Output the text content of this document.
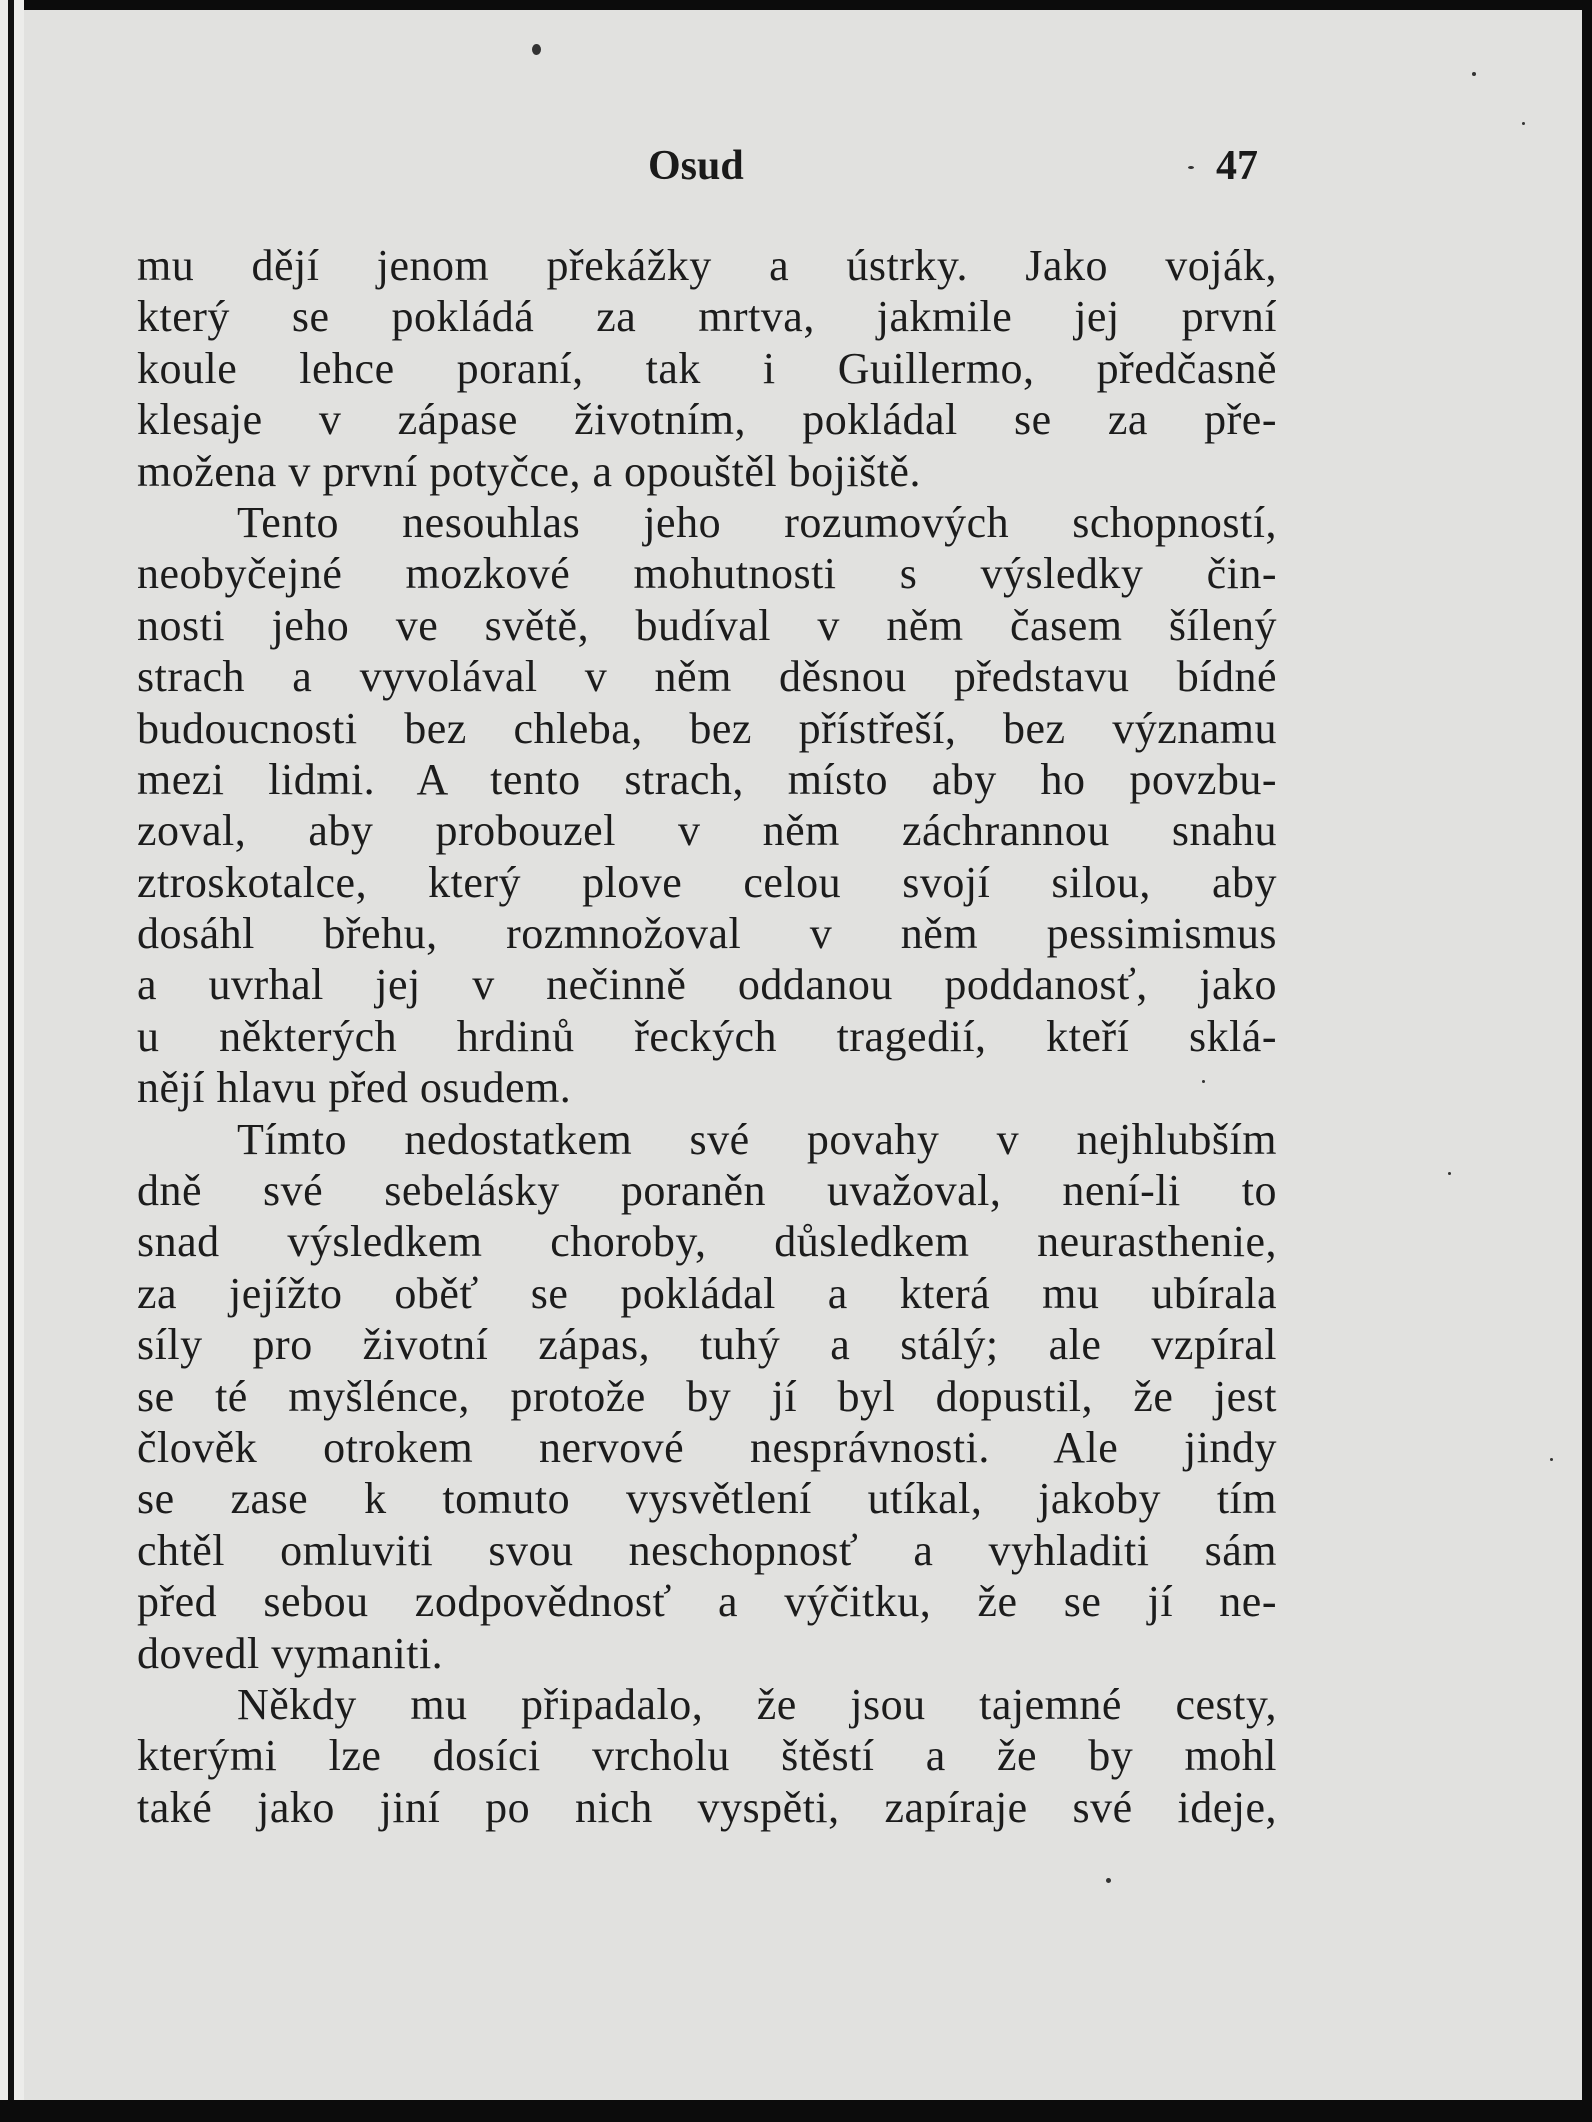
Osud	47
mu dějí jenom překážky a ústrky. Jako voják,
který se pokládá za mrtva, jakmile jej první
koule lehce poraní, tak i Guillermo, předčasně
klesaje v zápase životním, pokládal se za pře-
možena v první potyčce, a opouštěl bojiště.
Tento nesouhlas jeho rozumových schopností,
neobyčejné mozkové mohutnosti s výsledky čin-
nosti jeho ve světě, budíval v něm časem šílený
strach a vyvolával v něm děsnou představu bídné
budoucnosti bez chleba, bez přístřeší, bez významu
mezi lidmi. A tento strach, místo aby ho povzbu-
zoval, aby probouzel v něm záchrannou snahu
ztroskotalce, který plove celou svojí silou, aby
dosáhl břehu, rozmnožoval v něm pessimismus
a uvrhal jej v nečinně oddanou poddanosť, jako
u některých hrdinů řeckých tragedií, kteří sklá-
nějí hlavu před osudem.
Tímto nedostatkem své povahy v nejhlubším
dně své sebelásky poraněn uvažoval, není-li to
snad výsledkem choroby, důsledkem neurasthenie,
za jejížto oběť se pokládal a která mu ubírala
síly pro životní zápas, tuhý a stálý; ale vzpíral
se té myšlénce, protože by jí byl dopustil, že jest
člověk otrokem nervové nesprávnosti. Ale jindy
se zase k tomuto vysvětlení utíkal, jakoby tím
chtěl omluviti svou neschopnosť a vyhladiti sám
před sebou zodpovědnosť a výčitku, že se jí ne-
dovedl vymaniti.
Někdy mu připadalo, že jsou tajemné cesty,
kterými lze dosíci vrcholu štěstí a že by mohl
také jako jiní po nich vyspěti, zapíraje své ideje,
